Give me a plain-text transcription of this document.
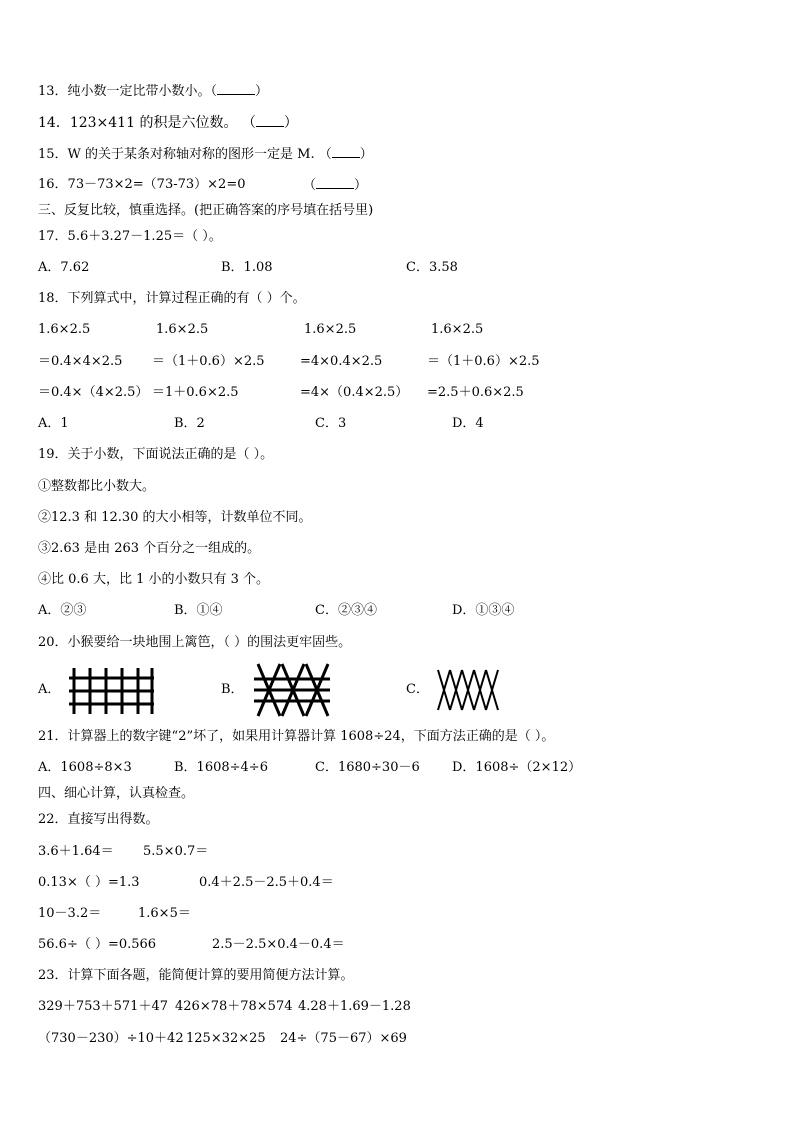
13．纯小数一定比带小数小。（	）
14．123×411 的积是六位数。 （ ）
15．W 的关于某条对称轴对称的图形一定是 M. （ ）
16．73－73×2=（73-73）×2=0	（	）
三、反复比较，慎重选择。(把正确答案的序号填在括号里)
17．5.6＋3.27－1.25＝（ ）。
A．7.62	B．1.08	C．3.58
18．下列算式中，计算过程正确的有（ ）个。
1.6×2.5	1.6×2.5	1.6×2.5	1.6×2.5
＝0.4×4×2.5 ＝（1＋0.6）×2.5	=4×0.4×2.5	＝（1＋0.6）×2.5
＝0.4×（4×2.5） ＝1＋0.6×2.5	=4×（0.4×2.5） =2.5＋0.6×2.5
A．1	B．2	C．3	D．4
19．关于小数，下面说法正确的是（ ）。
①整数都比小数大。
②12.3 和 12.30 的大小相等，计数单位不同。
③2.63 是由 263 个百分之一组成的。
④比 0.6 大，比 1 小的小数只有 3 个。
A．②③	B．①④	C．②③④	D．①③④
20．小猴要给一块地围上篱笆，（ ）的围法更牢固些。
A．	B．	C．
21．计算器上的数字键“2”坏了，如果用计算器计算 1608÷24，下面方法正确的是（ ）。
A．1608÷8×3	B．1608÷4÷6	C．1680÷30－6 D．1608÷（2×12）
四、细心计算，认真检查。
22．直接写出得数。
3.6＋1.64＝ 5.5×0.7＝
0.13×（ ）=1.3	0.4＋2.5－2.5＋0.4＝
10－3.2＝	1.6×5＝
56.6÷（ ）=0.566	2.5－2.5×0.4－0.4＝
23．计算下面各题，能简便计算的要用简便方法计算。
329＋753＋571＋47 426×78＋78×574 4.28＋1.69－1.28
（730－230）÷10＋42 125×32×25 24÷（75－67）×69
